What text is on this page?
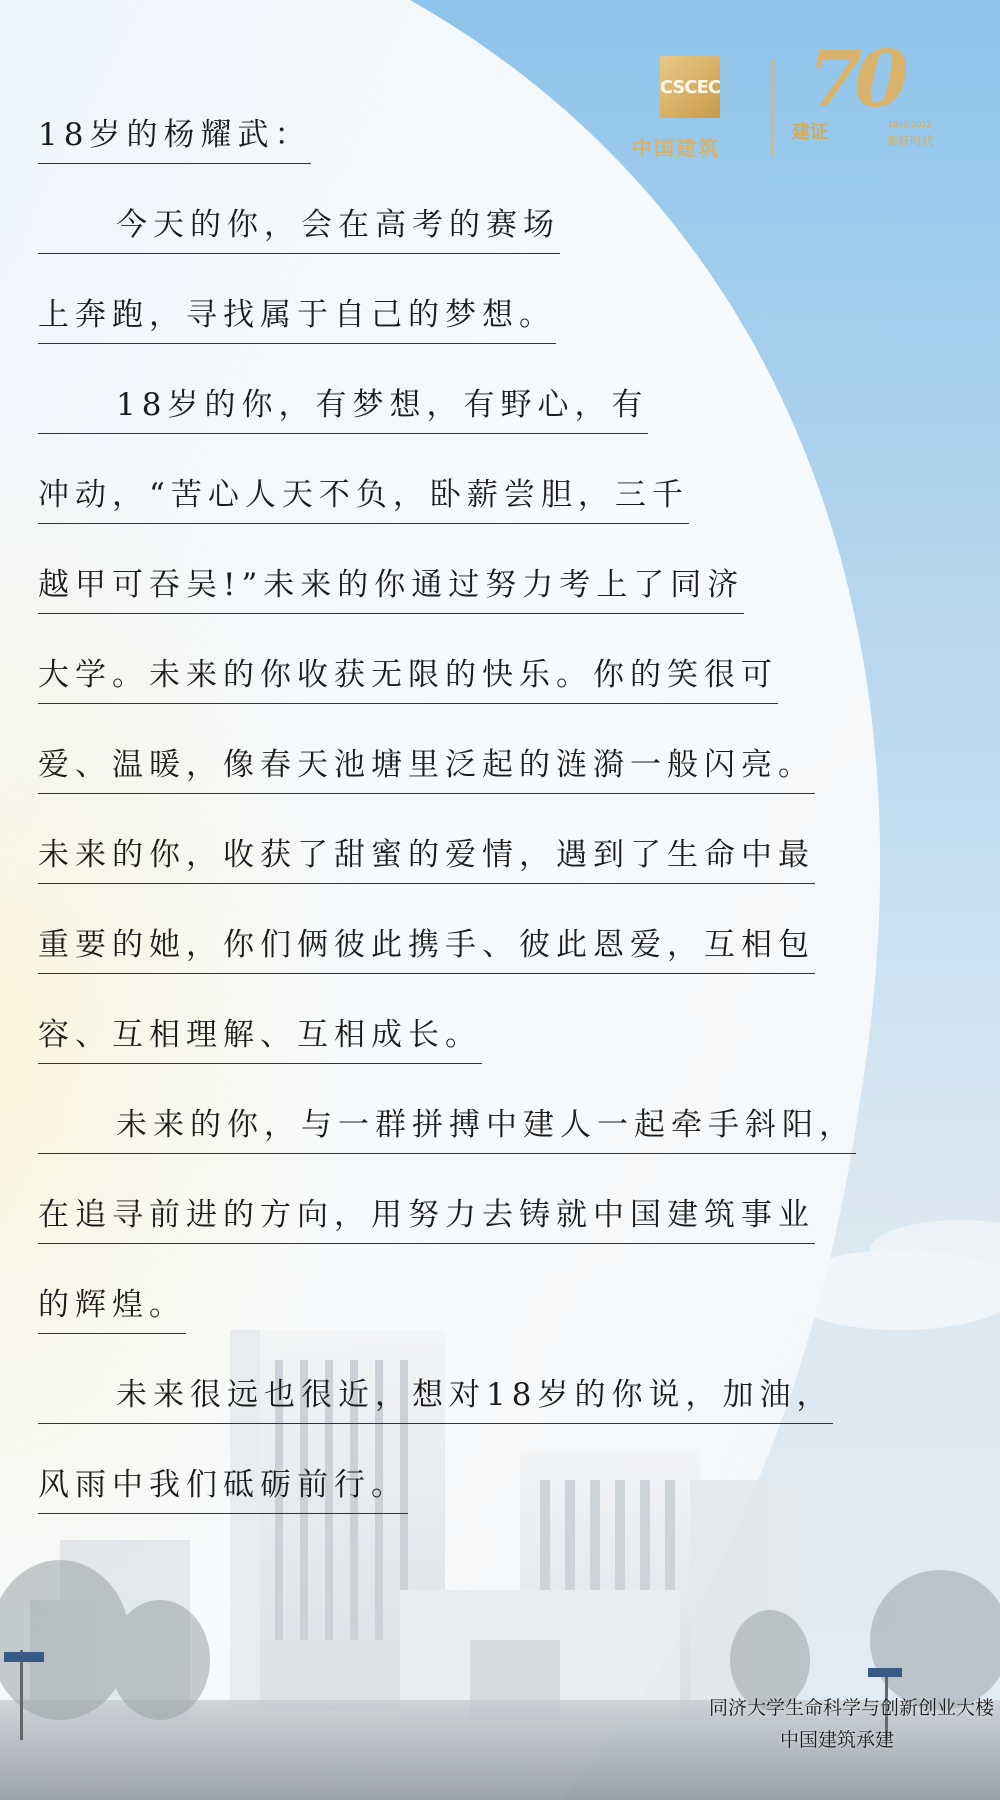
CSCEC
中国建筑
70
建证	1952-2022
美好时代
18岁的杨耀武：
今天的你，会在高考的赛场
上奔跑，寻找属于自己的梦想。
18岁的你，有梦想，有野心，有
冲动，“苦心人天不负，卧薪尝胆，三千
越甲可吞吴!”未来的你通过努力考上了同济
大学。未来的你收获无限的快乐。你的笑很可
爱、温暖，像春天池塘里泛起的涟漪一般闪亮。
未来的你，收获了甜蜜的爱情，遇到了生命中最
重要的她，你们俩彼此携手、彼此恩爱，互相包
容、互相理解、互相成长。
未来的你，与一群拼搏中建人一起牵手斜阳，
在追寻前进的方向，用努力去铸就中国建筑事业
的辉煌。
未来很远也很近，想对18岁的你说，加油，
风雨中我们砥砺前行。
同济大学生命科学与创新创业大楼

中国建筑承建
